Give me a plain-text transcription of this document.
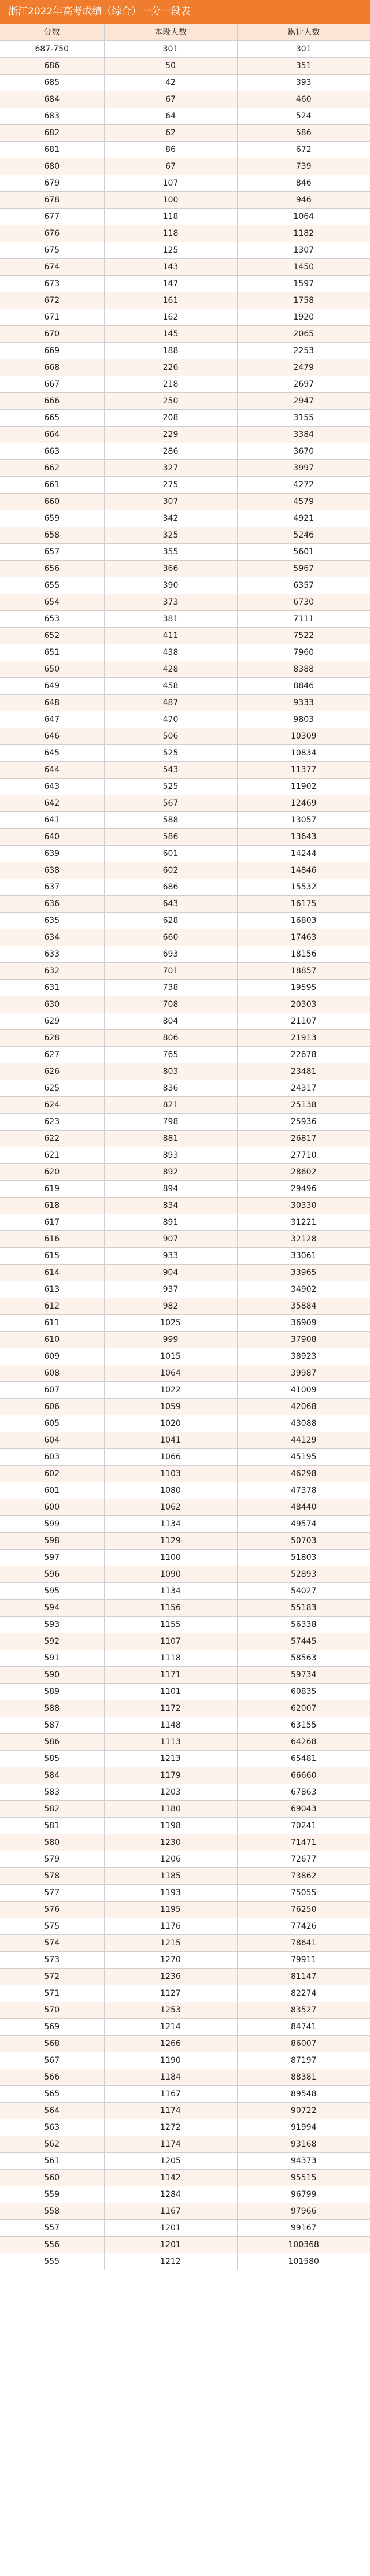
浙江2022年高考成绩（综合）一分一段表
分数	本段人数	累计人数
687-750	301	301
686	50	351
685	42	393
684	67	460
683	64	524
682	62	586
681	86	672
680	67	739
679	107	846
678	100	946
677	118	1064
676	118	1182
675	125	1307
674	143	1450
673	147	1597
672	161	1758
671	162	1920
670	145	2065
669	188	2253
668	226	2479
667	218	2697
666	250	2947
665	208	3155
664	229	3384
663	286	3670
662	327	3997
661	275	4272
660	307	4579
659	342	4921
658	325	5246
657	355	5601
656	366	5967
655	390	6357
654	373	6730
653	381	7111
652	411	7522
651	438	7960
650	428	8388
649	458	8846
648	487	9333
647	470	9803
646	506	10309
645	525	10834
644	543	11377
643	525	11902
642	567	12469
641	588	13057
640	586	13643
639	601	14244
638	602	14846
637	686	15532
636	643	16175
635	628	16803
634	660	17463
633	693	18156
632	701	18857
631	738	19595
630	708	20303
629	804	21107
628	806	21913
627	765	22678
626	803	23481
625	836	24317
624	821	25138
623	798	25936
622	881	26817
621	893	27710
620	892	28602
619	894	29496
618	834	30330
617	891	31221
616	907	32128
615	933	33061
614	904	33965
613	937	34902
612	982	35884
611	1025	36909
610	999	37908
609	1015	38923
608	1064	39987
607	1022	41009
606	1059	42068
605	1020	43088
604	1041	44129
603	1066	45195
602	1103	46298
601	1080	47378
600	1062	48440
599	1134	49574
598	1129	50703
597	1100	51803
596	1090	52893
595	1134	54027
594	1156	55183
593	1155	56338
592	1107	57445
591	1118	58563
590	1171	59734
589	1101	60835
588	1172	62007
587	1148	63155
586	1113	64268
585	1213	65481
584	1179	66660
583	1203	67863
582	1180	69043
581	1198	70241
580	1230	71471
579	1206	72677
578	1185	73862
577	1193	75055
576	1195	76250
575	1176	77426
574	1215	78641
573	1270	79911
572	1236	81147
571	1127	82274
570	1253	83527
569	1214	84741
568	1266	86007
567	1190	87197
566	1184	88381
565	1167	89548
564	1174	90722
563	1272	91994
562	1174	93168
561	1205	94373
560	1142	95515
559	1284	96799
558	1167	97966
557	1201	99167
556	1201	100368
555	1212	101580
